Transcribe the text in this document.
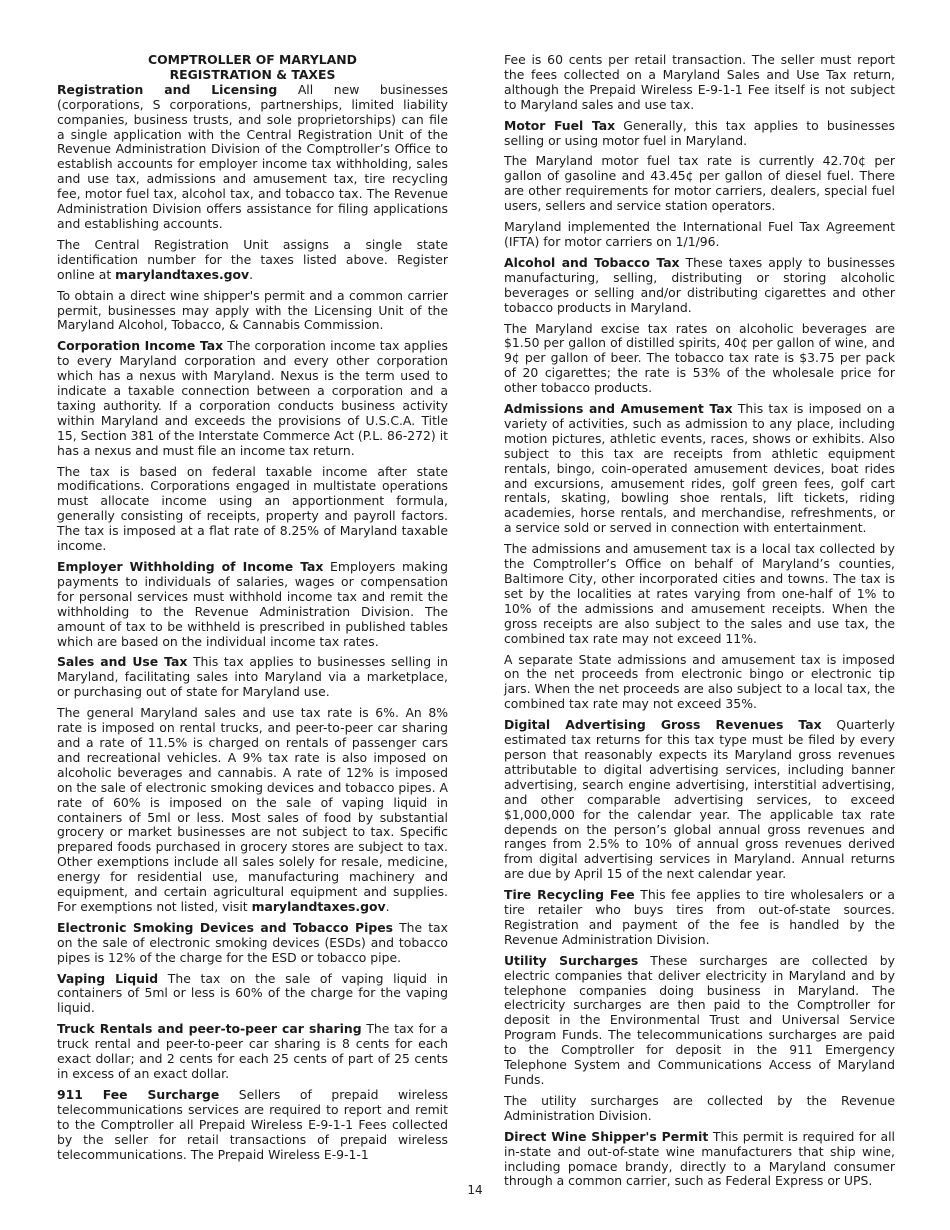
COMPTROLLER OF MARYLAND
REGISTRATION & TAXES

Registration and Licensing All new businesses (corporations, S corporations, partnerships, limited liability companies, business trusts, and sole proprietorships) can file a single application with the Central Registration Unit of the Revenue Administration Division of the Comptroller’s Office to establish accounts for employer income tax withholding, sales and use tax, admissions and amusement tax, tire recycling fee, motor fuel tax, alcohol tax, and tobacco tax. The Revenue Administration Division offers assistance for filing applications and establishing accounts.

The Central Registration Unit assigns a single state identification number for the taxes listed above. Register online at marylandtaxes.gov.

To obtain a direct wine shipper's permit and a common carrier permit, businesses may apply with the Licensing Unit of the Maryland Alcohol, Tobacco, & Cannabis Commission.

Corporation Income Tax The corporation income tax applies to every Maryland corporation and every other corporation which has a nexus with Maryland. Nexus is the term used to indicate a taxable connection between a corporation and a taxing authority. If a corporation conducts business activity within Maryland and exceeds the provisions of U.S.C.A. Title 15, Section 381 of the Interstate Commerce Act (P.L. 86-272) it has a nexus and must file an income tax return.

The tax is based on federal taxable income after state modifications. Corporations engaged in multistate operations must allocate income using an apportionment formula, generally consisting of receipts, property and payroll factors. The tax is imposed at a flat rate of 8.25% of Maryland taxable income.

Employer Withholding of Income Tax Employers making payments to individuals of salaries, wages or compensation for personal services must withhold income tax and remit the withholding to the Revenue Administration Division. The amount of tax to be withheld is prescribed in published tables which are based on the individual income tax rates.

Sales and Use Tax This tax applies to businesses selling in Maryland, facilitating sales into Maryland via a marketplace, or purchasing out of state for Maryland use.

The general Maryland sales and use tax rate is 6%. An 8% rate is imposed on rental trucks, and peer-to-peer car sharing and a rate of 11.5% is charged on rentals of passenger cars and recreational vehicles. A 9% tax rate is also imposed on alcoholic beverages and cannabis. A rate of 12% is imposed on the sale of electronic smoking devices and tobacco pipes. A rate of 60% is imposed on the sale of vaping liquid in containers of 5ml or less. Most sales of food by substantial grocery or market businesses are not subject to tax. Specific prepared foods purchased in grocery stores are subject to tax. Other exemptions include all sales solely for resale, medicine, energy for residential use, manufacturing machinery and equipment, and certain agricultural equipment and supplies. For exemptions not listed, visit marylandtaxes.gov.

Electronic Smoking Devices and Tobacco Pipes The tax on the sale of electronic smoking devices (ESDs) and tobacco pipes is 12% of the charge for the ESD or tobacco pipe.

Vaping Liquid The tax on the sale of vaping liquid in containers of 5ml or less is 60% of the charge for the vaping liquid.

Truck Rentals and peer-to-peer car sharing The tax for a truck rental and peer-to-peer car sharing is 8 cents for each exact dollar; and 2 cents for each 25 cents of part of 25 cents in excess of an exact dollar.

911 Fee Surcharge Sellers of prepaid wireless telecommunications services are required to report and remit to the Comptroller all Prepaid Wireless E-9-1-1 Fees collected by the seller for retail transactions of prepaid wireless telecommunications. The Prepaid Wireless E-9-1-1

Fee is 60 cents per retail transaction. The seller must report the fees collected on a Maryland Sales and Use Tax return, although the Prepaid Wireless E-9-1-1 Fee itself is not subject to Maryland sales and use tax.

Motor Fuel Tax Generally, this tax applies to businesses selling or using motor fuel in Maryland.

The Maryland motor fuel tax rate is currently 42.70¢ per gallon of gasoline and 43.45¢ per gallon of diesel fuel. There are other requirements for motor carriers, dealers, special fuel users, sellers and service station operators.

Maryland implemented the International Fuel Tax Agreement (IFTA) for motor carriers on 1/1/96.

Alcohol and Tobacco Tax These taxes apply to businesses manufacturing, selling, distributing or storing alcoholic beverages or selling and/or distributing cigarettes and other tobacco products in Maryland.

The Maryland excise tax rates on alcoholic beverages are $1.50 per gallon of distilled spirits, 40¢ per gallon of wine, and 9¢ per gallon of beer. The tobacco tax rate is $3.75 per pack of 20 cigarettes; the rate is 53% of the wholesale price for other tobacco products.

Admissions and Amusement Tax This tax is imposed on a variety of activities, such as admission to any place, including motion pictures, athletic events, races, shows or exhibits. Also subject to this tax are receipts from athletic equipment rentals, bingo, coin-operated amusement devices, boat rides and excursions, amusement rides, golf green fees, golf cart rentals, skating, bowling shoe rentals, lift tickets, riding academies, horse rentals, and merchandise, refreshments, or a service sold or served in connection with entertainment.

The admissions and amusement tax is a local tax collected by the Comptroller’s Office on behalf of Maryland’s counties, Baltimore City, other incorporated cities and towns. The tax is set by the localities at rates varying from one-half of 1% to 10% of the admissions and amusement receipts. When the gross receipts are also subject to the sales and use tax, the combined tax rate may not exceed 11%.

A separate State admissions and amusement tax is imposed on the net proceeds from electronic bingo or electronic tip jars. When the net proceeds are also subject to a local tax, the combined tax rate may not exceed 35%.

Digital Advertising Gross Revenues Tax Quarterly estimated tax returns for this tax type must be filed by every person that reasonably expects its Maryland gross revenues attributable to digital advertising services, including banner advertising, search engine advertising, interstitial advertising, and other comparable advertising services, to exceed $1,000,000 for the calendar year. The applicable tax rate depends on the person’s global annual gross revenues and ranges from 2.5% to 10% of annual gross revenues derived from digital advertising services in Maryland. Annual returns are due by April 15 of the next calendar year.

Tire Recycling Fee This fee applies to tire wholesalers or a tire retailer who buys tires from out-of-state sources. Registration and payment of the fee is handled by the Revenue Administration Division.

Utility Surcharges These surcharges are collected by electric companies that deliver electricity in Maryland and by telephone companies doing business in Maryland. The electricity surcharges are then paid to the Comptroller for deposit in the Environmental Trust and Universal Service Program Funds. The telecommunications surcharges are paid to the Comptroller for deposit in the 911 Emergency Telephone System and Communications Access of Maryland Funds.

The utility surcharges are collected by the Revenue Administration Division.

Direct Wine Shipper's Permit This permit is required for all in-state and out-of-state wine manufacturers that ship wine, including pomace brandy, directly to a Maryland consumer through a common carrier, such as Federal Express or UPS.

14
